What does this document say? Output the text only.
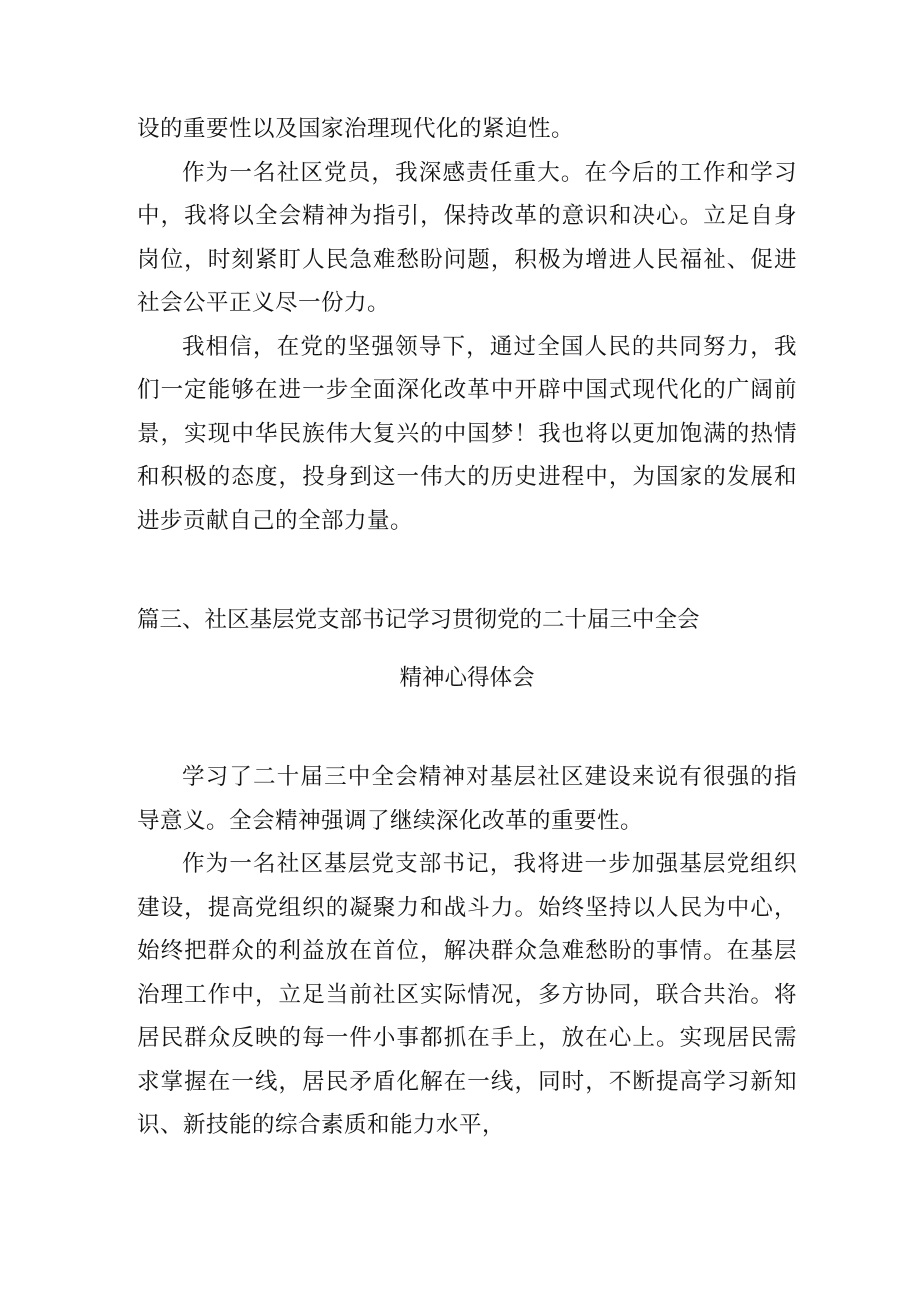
设的重要性以及国家治理现代化的紧迫性。

作为一名社区党员，我深感责任重大。在今后的工作和学习中，我将以全会精神为指引，保持改革的意识和决心。立足自身岗位，时刻紧盯人民急难愁盼问题，积极为增进人民福祉、促进社会公平正义尽一份力。

我相信，在党的坚强领导下，通过全国人民的共同努力，我们一定能够在进一步全面深化改革中开辟中国式现代化的广阔前景，实现中华民族伟大复兴的中国梦！我也将以更加饱满的热情和积极的态度，投身到这一伟大的历史进程中，为国家的发展和进步贡献自己的全部力量。

篇三、社区基层党支部书记学习贯彻党的二十届三中全会
精神心得体会

学习了二十届三中全会精神对基层社区建设来说有很强的指导意义。全会精神强调了继续深化改革的重要性。

作为一名社区基层党支部书记，我将进一步加强基层党组织建设，提高党组织的凝聚力和战斗力。始终坚持以人民为中心，始终把群众的利益放在首位，解决群众急难愁盼的事情。在基层治理工作中，立足当前社区实际情况，多方协同，联合共治。将居民群众反映的每一件小事都抓在手上，放在心上。实现居民需求掌握在一线，居民矛盾化解在一线，同时，不断提高学习新知识、新技能的综合素质和能力水平，
